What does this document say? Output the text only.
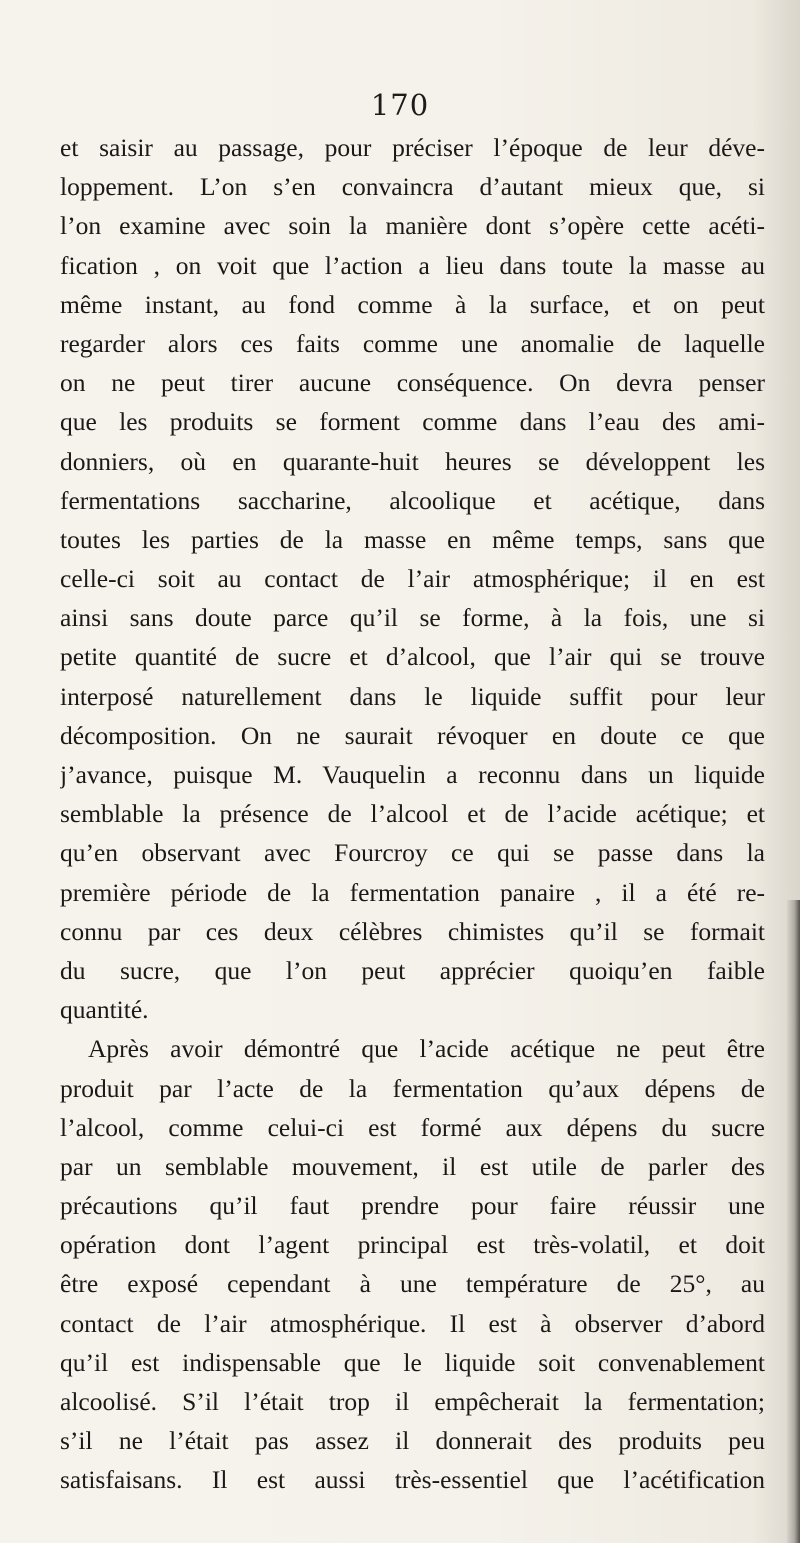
170
et saisir au passage, pour préciser l’époque de leur déve-
loppement. L’on s’en convaincra d’autant mieux que, si
l’on examine avec soin la manière dont s’opère cette acéti-
fication , on voit que l’action a lieu dans toute la masse au
même instant, au fond comme à la surface, et on peut
regarder alors ces faits comme une anomalie de laquelle
on ne peut tirer aucune conséquence. On devra penser
que les produits se forment comme dans l’eau des ami-
donniers, où en quarante-huit heures se développent les
fermentations saccharine, alcoolique et acétique, dans
toutes les parties de la masse en même temps, sans que
celle-ci soit au contact de l’air atmosphérique; il en est
ainsi sans doute parce qu’il se forme, à la fois, une si
petite quantité de sucre et d’alcool, que l’air qui se trouve
interposé naturellement dans le liquide suffit pour leur
décomposition. On ne saurait révoquer en doute ce que
j’avance, puisque M. Vauquelin a reconnu dans un liquide
semblable la présence de l’alcool et de l’acide acétique; et
qu’en observant avec Fourcroy ce qui se passe dans la
première période de la fermentation panaire , il a été re-
connu par ces deux célèbres chimistes qu’il se formait
du sucre, que l’on peut apprécier quoiqu’en faible
quantité.
Après avoir démontré que l’acide acétique ne peut être
produit par l’acte de la fermentation qu’aux dépens de
l’alcool, comme celui-ci est formé aux dépens du sucre
par un semblable mouvement, il est utile de parler des
précautions qu’il faut prendre pour faire réussir une
opération dont l’agent principal est très-volatil, et doit
être exposé cependant à une température de 25°, au
contact de l’air atmosphérique. Il est à observer d’abord
qu’il est indispensable que le liquide soit convenablement
alcoolisé. S’il l’était trop il empêcherait la fermentation;
s’il ne l’était pas assez il donnerait des produits peu
satisfaisans. Il est aussi très-essentiel que l’acétification
